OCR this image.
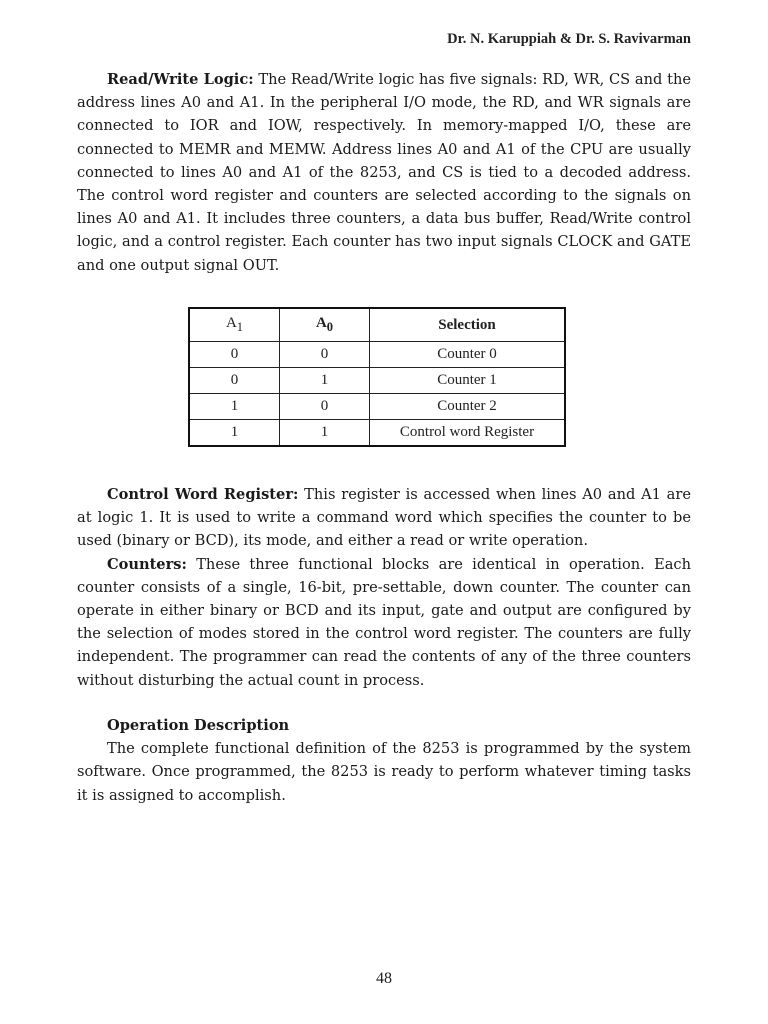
Dr. N. Karuppiah & Dr. S. Ravivarman

Read/Write Logic: The Read/Write logic has five signals: RD, WR, CS and the address lines A0 and A1. In the peripheral I/O mode, the RD, and WR signals are connected to IOR and IOW, respectively. In memory-mapped I/O, these are connected to MEMR and MEMW. Address lines A0 and A1 of the CPU are usually connected to lines A0 and A1 of the 8253, and CS is tied to a decoded address. The control word register and counters are selected according to the signals on lines A0 and A1. It includes three counters, a data bus buffer, Read/Write control logic, and a control register. Each counter has two input signals CLOCK and GATE and one output signal OUT.

$A_1$	$A_0$	Selection
0	0	Counter 0
0	1	Counter 1
1	0	Counter 2
1	1	Control word Register

Control Word Register: This register is accessed when lines A0 and A1 are at logic 1. It is used to write a command word which specifies the counter to be used (binary or BCD), its mode, and either a read or write operation.

Counters: These three functional blocks are identical in operation. Each counter consists of a single, 16-bit, pre-settable, down counter. The counter can operate in either binary or BCD and its input, gate and output are configured by the selection of modes stored in the control word register. The counters are fully independent. The programmer can read the contents of any of the three counters without disturbing the actual count in process.

Operation Description

The complete functional definition of the 8253 is programmed by the system software. Once programmed, the 8253 is ready to perform whatever timing tasks it is assigned to accomplish.

48
